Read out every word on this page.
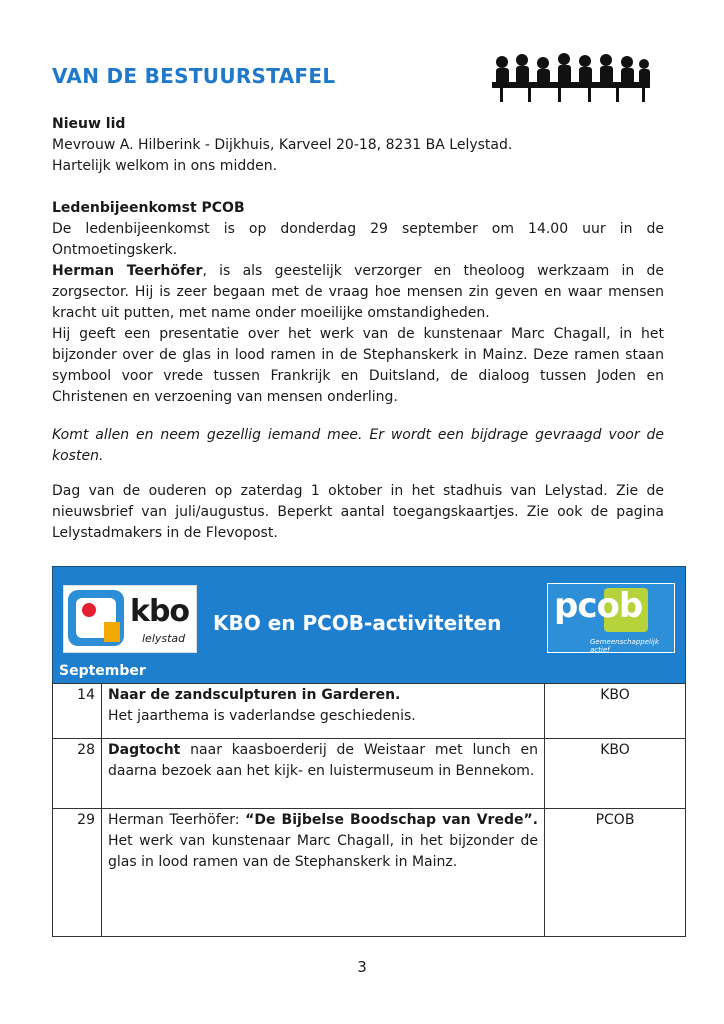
VAN DE BESTUURSTAFEL

Nieuw lid

Mevrouw A. Hilberink - Dijkhuis, Karveel 20-18, 8231 BA Lelystad.

Hartelijk welkom in ons midden.

Ledenbijeenkomst PCOB

De ledenbijeenkomst is op donderdag 29 september om 14.00 uur in de Ontmoetingskerk.

Herman Teerhöfer, is als geestelijk verzorger en theoloog werkzaam in de zorgsector. Hij is zeer begaan met de vraag hoe mensen zin geven en waar mensen kracht uit putten, met name onder moeilijke omstandigheden.

Hij geeft een presentatie over het werk van de kunstenaar Marc Chagall, in het bijzonder over de glas in lood ramen in de Stephanskerk in Mainz. Deze ramen staan symbool voor vrede tussen Frankrijk en Duitsland, de dialoog tussen Joden en Christenen en verzoening van mensen onderling.

Komt allen en neem gezellig iemand mee. Er wordt een bijdrage gevraagd voor de kosten.
Dag van de ouderen op zaterdag 1 oktober in het stadhuis van Lelystad. Zie de nieuwsbrief van juli/augustus. Beperkt aantal toegangskaartjes. Zie ook de pagina Lelystadmakers in de Flevopost.
kbo
lelystad
KBO en PCOB-activiteiten pcob
Gemeenschappelijk actief
September
14	Naar de zandsculpturen in Garderen.
Het jaarthema is vaderlandse geschiedenis.	KBO
28	Dagtocht naar kaasboerderij de Weistaar met lunch en daarna bezoek aan het kijk- en luistermuseum in Bennekom.	KBO
29	Herman Teerhöfer: “De Bijbelse Boodschap van Vrede”. Het werk van kunstenaar Marc Chagall, in het bijzonder de glas in lood ramen van de Stephanskerk in Mainz.	PCOB
3
